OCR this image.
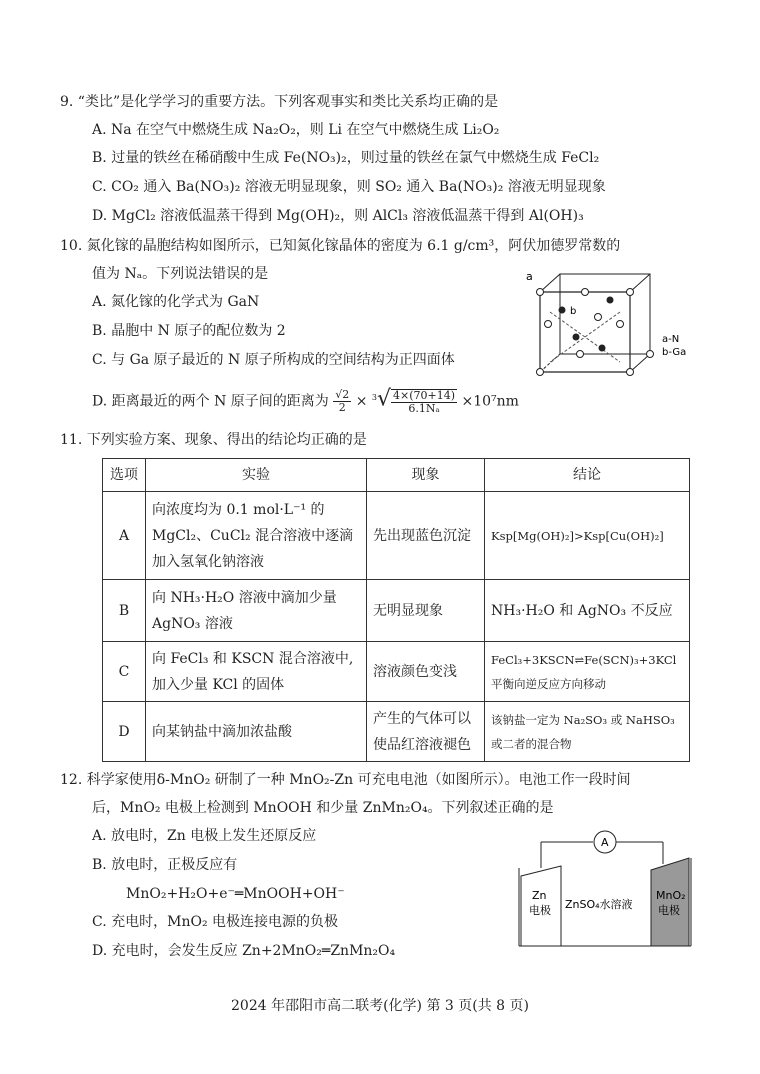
9. “类比”是化学学习的重要方法。下列客观事实和类比关系均正确的是
A. Na 在空气中燃烧生成 Na₂O₂，则 Li 在空气中燃烧生成 Li₂O₂
B. 过量的铁丝在稀硝酸中生成 Fe(NO₃)₂，则过量的铁丝在氯气中燃烧生成 FeCl₂
C. CO₂ 通入 Ba(NO₃)₂ 溶液无明显现象，则 SO₂ 通入 Ba(NO₃)₂ 溶液无明显现象
D. MgCl₂ 溶液低温蒸干得到 Mg(OH)₂，则 AlCl₃ 溶液低温蒸干得到 Al(OH)₃
10. 氮化镓的晶胞结构如图所示，已知氮化镓晶体的密度为 6.1 g/cm³，阿伏加德罗常数的
值为 Nₐ。下列说法错误的是
A. 氮化镓的化学式为 GaN
B. 晶胞中 N 原子的配位数为 2
C. 与 Ga 原子最近的 N 原子所构成的空间结构为正四面体
D. 距离最近的两个 N 原子间的距离为 $\frac{√2}{2} \times ^3√ \frac{4\times(70+14)}{\text{6.1Nₐ}} \times 10^7nm$
a
b
a-N
b-Ga
11. 下列实验方案、现象、得出的结论均正确的是
选项	实验	现象	结论
A	向浓度均为 0.1 mol·L⁻¹ 的 MgCl₂、CuCl₂ 混合溶液中逐滴加入氢氧化钠溶液	先出现蓝色沉淀	Ksp[Mg(OH)₂]>Ksp[Cu(OH)₂]
B	向 NH₃·H₂O 溶液中滴加少量 AgNO₃ 溶液	无明显现象	NH₃·H₂O 和 AgNO₃ 不反应
C	向 FeCl₃ 和 KSCN 混合溶液中,加入少量 KCl 的固体	溶液颜色变浅	FeCl₃+3KSCN⇌Fe(SCN)₃+3KCl 平衡向逆反应方向移动
D	向某钠盐中滴加浓盐酸	产生的气体可以使品红溶液褪色	该钠盐一定为 Na₂SO₃ 或 NaHSO₃ 或二者的混合物
12. 科学家使用δ-MnO₂ 研制了一种 MnO₂-Zn 可充电电池（如图所示）。电池工作一段时间
后，MnO₂ 电极上检测到 MnOOH 和少量 ZnMn₂O₄。下列叙述正确的是
A. 放电时，Zn 电极上发生还原反应
B. 放电时，正极反应有
MnO₂+H₂O+e⁻═MnOOH+OH⁻
C. 充电时，MnO₂ 电极连接电源的负极
D. 充电时，会发生反应 Zn+2MnO₂═ZnMn₂O₄
A
Zn
电极 ZnSO₄水溶液
MnO₂
电极
2024 年邵阳市高二联考(化学) 第 3 页(共 8 页)
